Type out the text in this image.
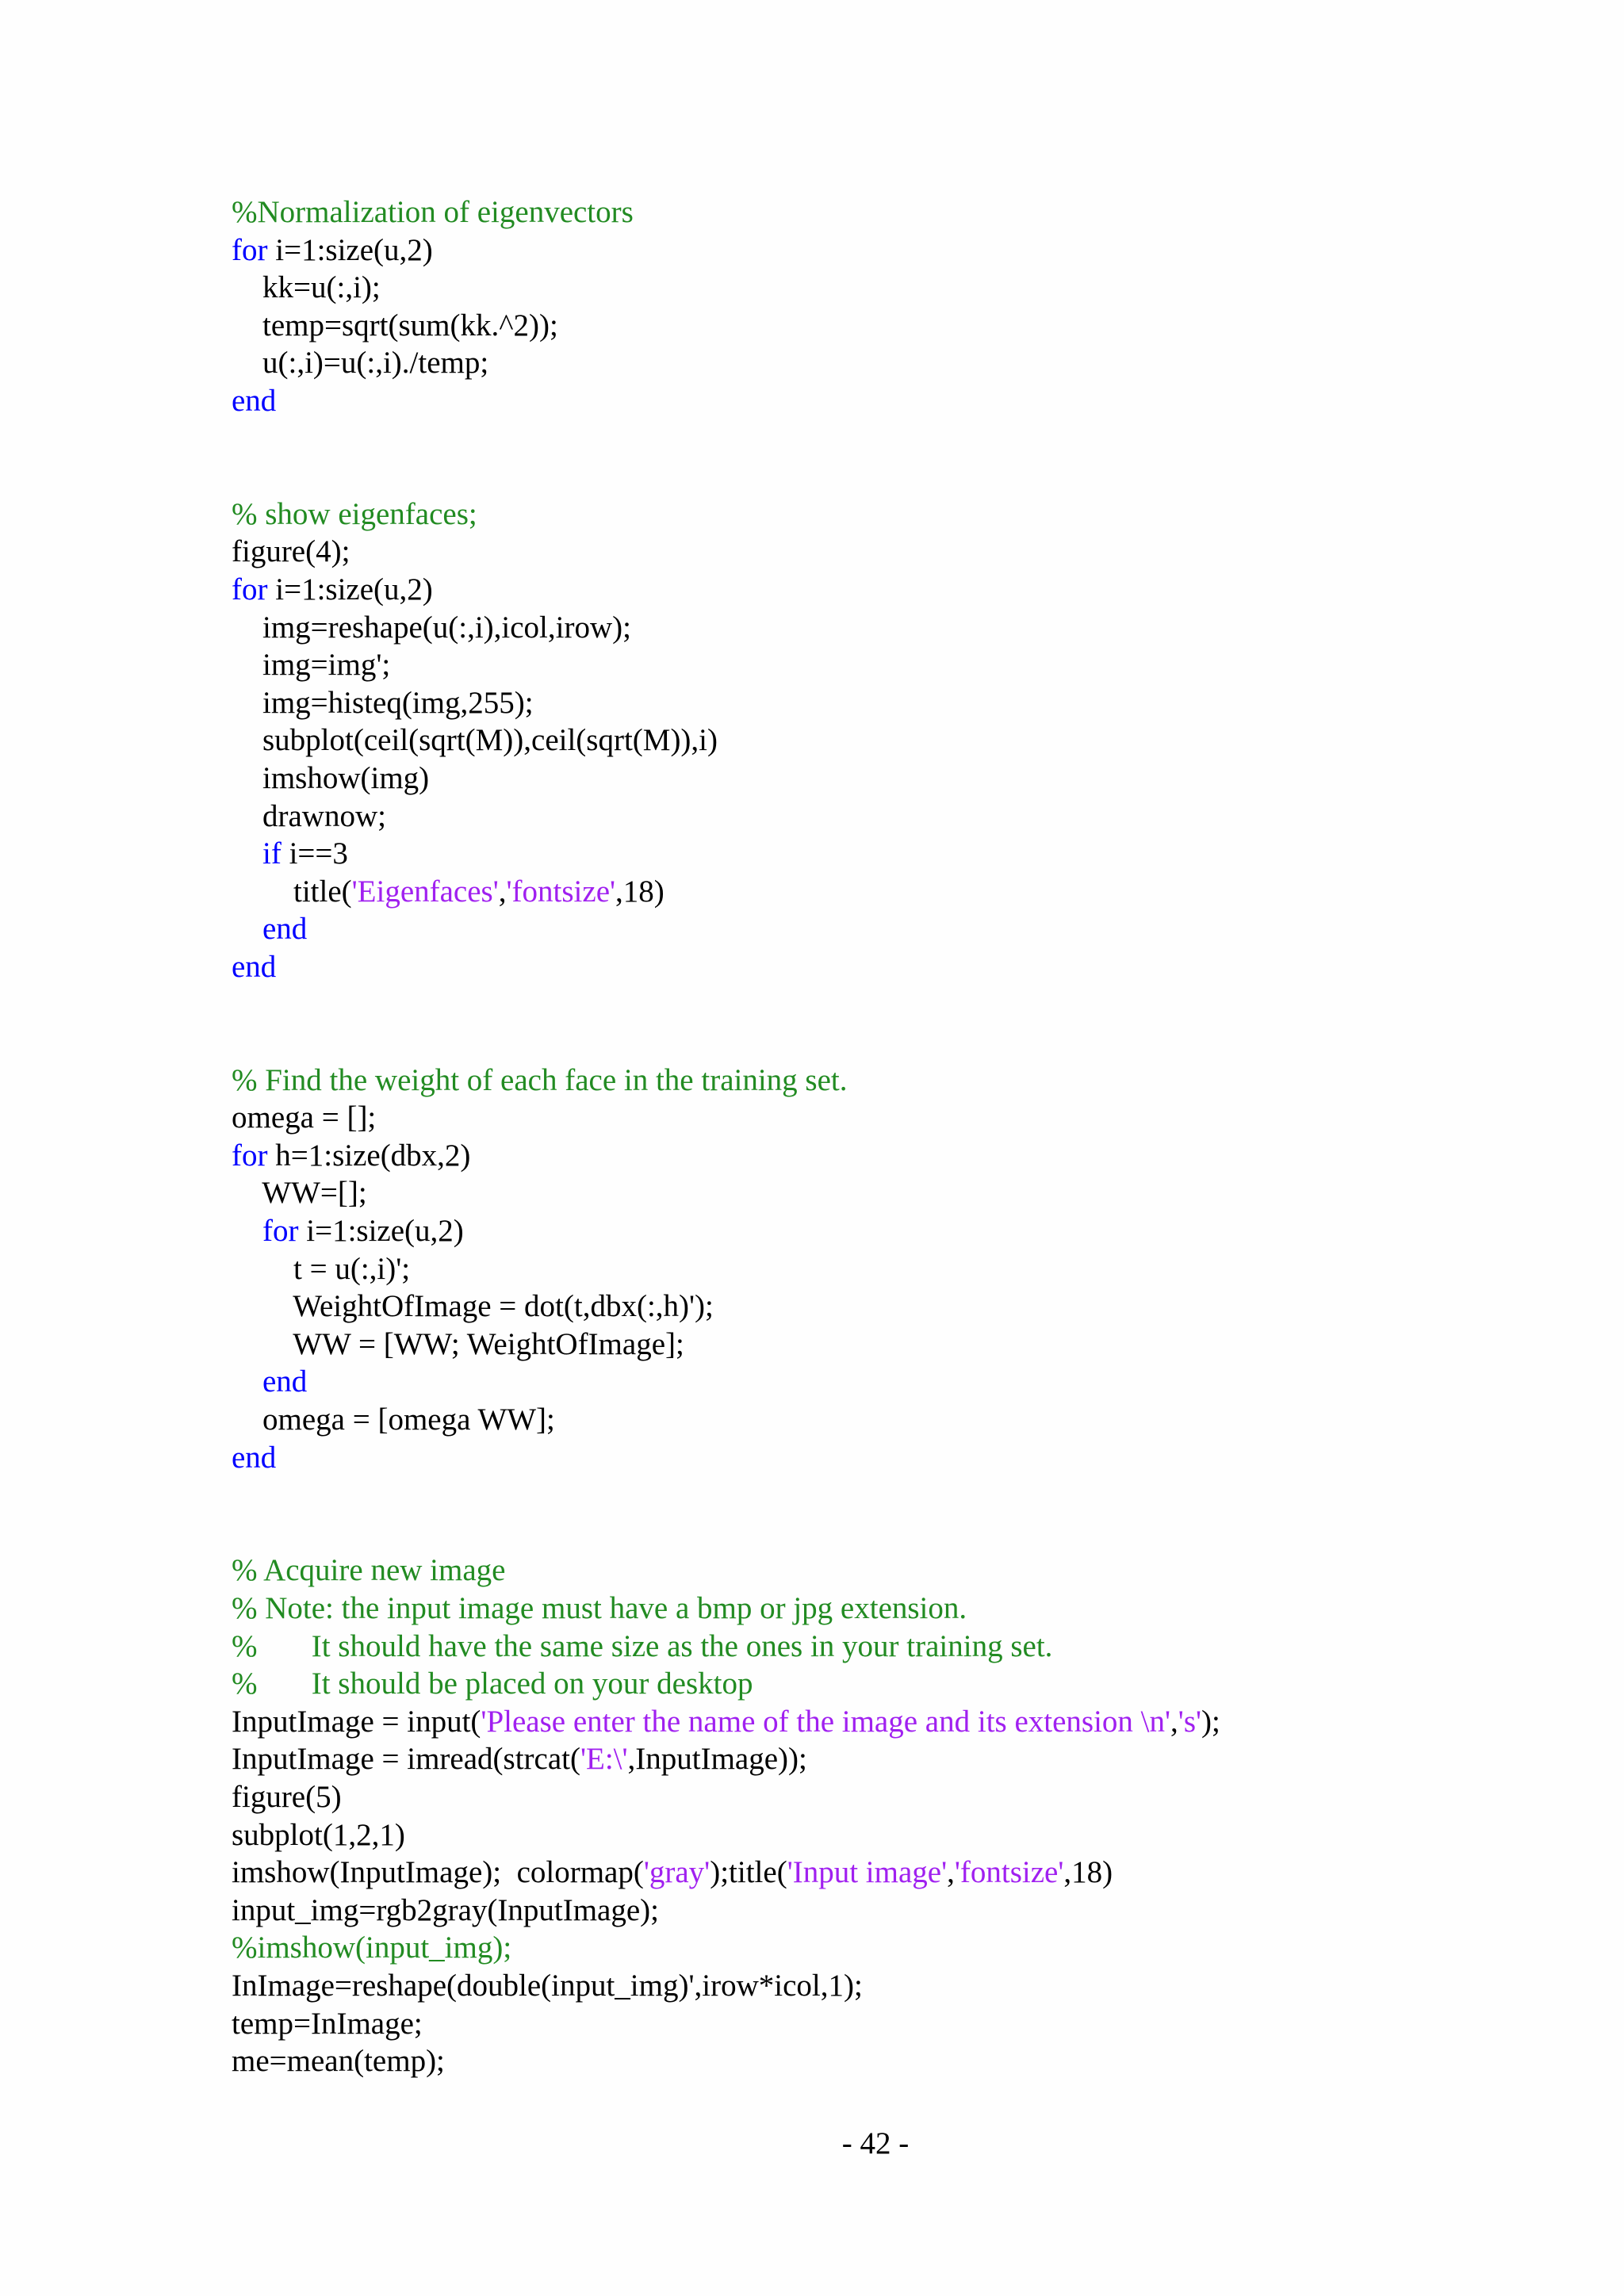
%Normalization of eigenvectors
for i=1:size(u,2)
kk=u(:,i);
temp=sqrt(sum(kk.^2));
u(:,i)=u(:,i)./temp;
end
% show eigenfaces;
figure(4);
for i=1:size(u,2)
img=reshape(u(:,i),icol,irow);
img=img';
img=histeq(img,255);
subplot(ceil(sqrt(M)),ceil(sqrt(M)),i)
imshow(img)
drawnow;
if i==3
title('Eigenfaces','fontsize',18)
end
end
% Find the weight of each face in the training set.
omega = [];
for h=1:size(dbx,2)
WW=[];
for i=1:size(u,2)
t = u(:,i)';
WeightOfImage = dot(t,dbx(:,h)');
WW = [WW; WeightOfImage];
end
omega = [omega WW];
end
% Acquire new image
% Note: the input image must have a bmp or jpg extension.
%       It should have the same size as the ones in your training set.
%       It should be placed on your desktop
InputImage = input('Please enter the name of the image and its extension \n','s');
InputImage = imread(strcat('E:\',InputImage));
figure(5)
subplot(1,2,1)
imshow(InputImage);  colormap('gray');title('Input image','fontsize',18)
input_img=rgb2gray(InputImage);
%imshow(input_img);
InImage=reshape(double(input_img)',irow*icol,1);
temp=InImage;
me=mean(temp);
- 42 -
